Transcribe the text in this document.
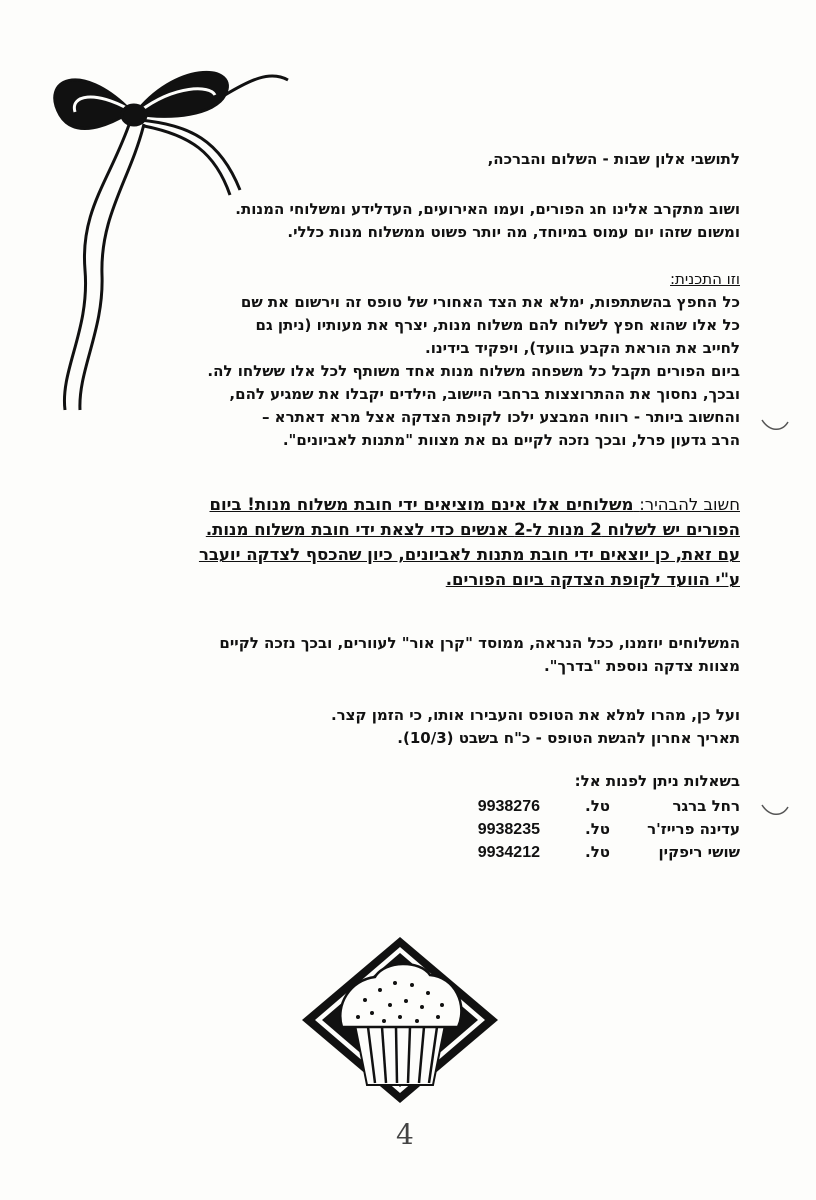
לתושבי אלון שבות - השלום והברכה,
ושוב מתקרב אלינו חג הפורים, ועמו האירועים, העדלידע ומשלוחי המנות.
ומשום שזהו יום עמוס במיוחד, מה יותר פשוט ממשלוח מנות כללי.
וזו התכנית:
כל החפץ בהשתתפות, ימלא את הצד האחורי של טופס זה וירשום את שם
כל אלו שהוא חפץ לשלוח להם משלוח מנות, יצרף את מעותיו (ניתן גם
לחייב את הוראת הקבע בוועד), ויפקיד בידינו.
ביום הפורים תקבל כל משפחה משלוח מנות אחד משותף לכל אלו ששלחו לה.
ובכך, נחסוך את ההתרוצצות ברחבי היישוב, הילדים יקבלו את שמגיע להם,
והחשוב ביותר - רווחי המבצע ילכו לקופת הצדקה אצל מרא דאתרא –
הרב גדעון פרל, ובכך נזכה לקיים גם את מצוות "מתנות לאביונים".
חשוב להבהיר: משלוחים אלו אינם מוציאים ידי חובת משלוח מנות! ביום
הפורים יש לשלוח 2 מנות ל-2 אנשים כדי לצאת ידי חובת משלוח מנות.
עם זאת, כן יוצאים ידי חובת מתנות לאביונים, כיון שהכסף לצדקה יועבר
ע"י הוועד לקופת הצדקה ביום הפורים.
המשלוחים יוזמנו, ככל הנראה, ממוסד "קרן אור" לעוורים, ובכך נזכה לקיים
מצוות צדקה נוספת "בדרך".
ועל כן, מהרו למלא את הטופס והעבירו אותו, כי הזמן קצר.
תאריך אחרון להגשת הטופס - כ"ח בשבט (10/3).
בשאלות ניתן לפנות אל:
רחל ברגר
טל.
9938276
עדינה פרייז'ר
טל.
9938235
שושי ריפקין
טל.
9934212
4
